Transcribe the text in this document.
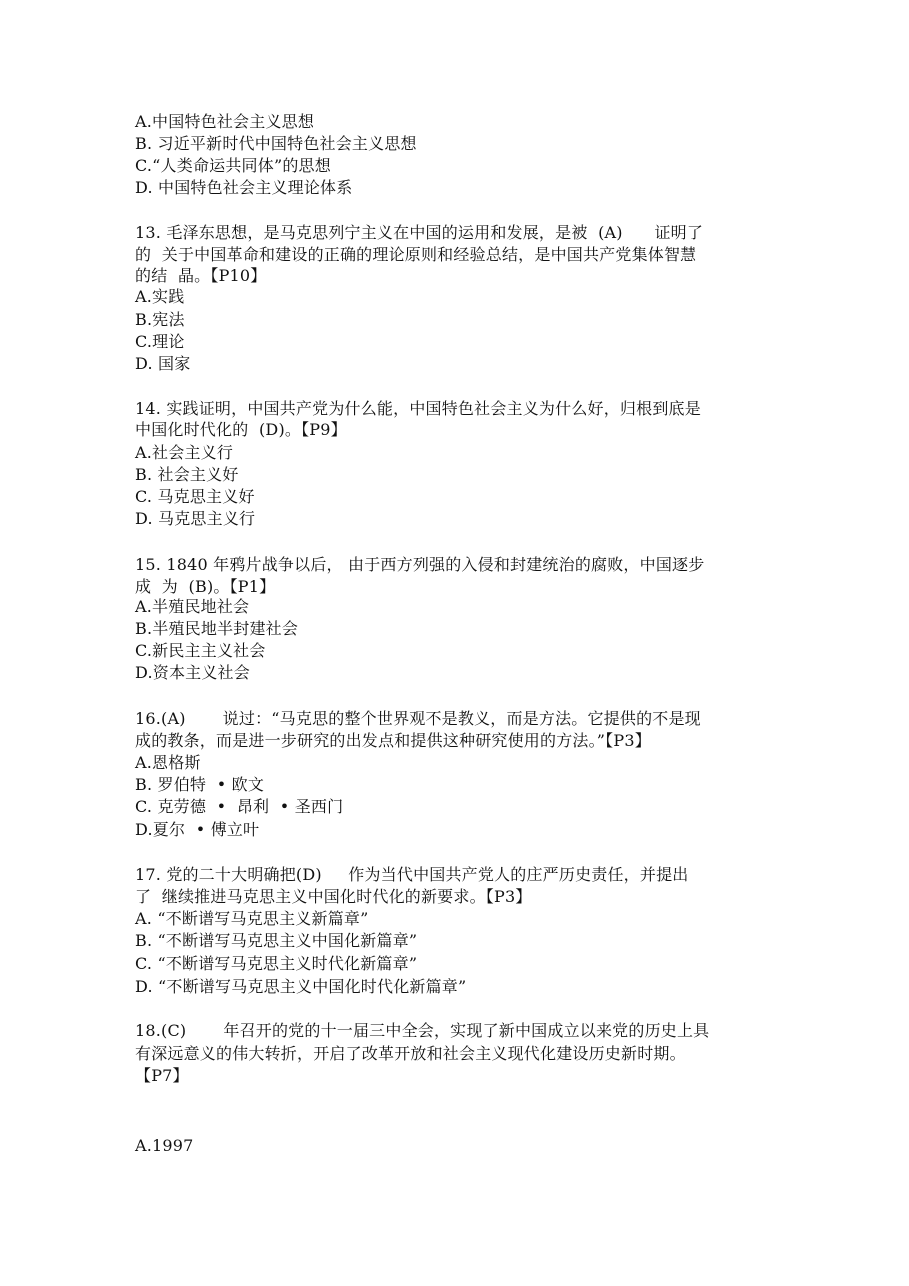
A.中国特色社会主义思想
B. 习近平新时代中国特色社会主义思想
C.“人类命运共同体”的思想
D. 中国特色社会主义理论体系
13. 毛泽东思想，是马克思列宁主义在中国的运用和发展，是被  (A)      证明了
的  关于中国革命和建设的正确的理论原则和经验总结，是中国共产党集体智慧
的结  晶。【P10】
A.实践
B.宪法
C.理论
D. 国家
14. 实践证明，中国共产党为什么能，中国特色社会主义为什么好，归根到底是
中国化时代化的  (D)。【P9】
A.社会主义行
B. 社会主义好
C. 马克思主义好
D. 马克思主义行
15. 1840 年鸦片战争以后， 由于西方列强的入侵和封建统治的腐败，中国逐步
成  为  (B)。【P1】
A.半殖民地社会
B.半殖民地半封建社会
C.新民主主义社会
D.资本主义社会
16.(A)       说过：“马克思的整个世界观不是教义，而是方法。它提供的不是现
成的教条，而是进一步研究的出发点和提供这种研究使用的方法。”【P3】
A.恩格斯
B. 罗伯特  • 欧文
C. 克劳德  •  昂利  • 圣西门
D.夏尔  • 傅立叶
17. 党的二十大明确把(D)     作为当代中国共产党人的庄严历史责任，并提出
了  继续推进马克思主义中国化时代化的新要求。【P3】
A. “不断谱写马克思主义新篇章”
B. “不断谱写马克思主义中国化新篇章”
C. “不断谱写马克思主义时代化新篇章”
D. “不断谱写马克思主义中国化时代化新篇章”
18.(C)       年召开的党的十一届三中全会，实现了新中国成立以来党的历史上具
有深远意义的伟大转折，开启了改革开放和社会主义现代化建设历史新时期。
【P7】
A.1997
